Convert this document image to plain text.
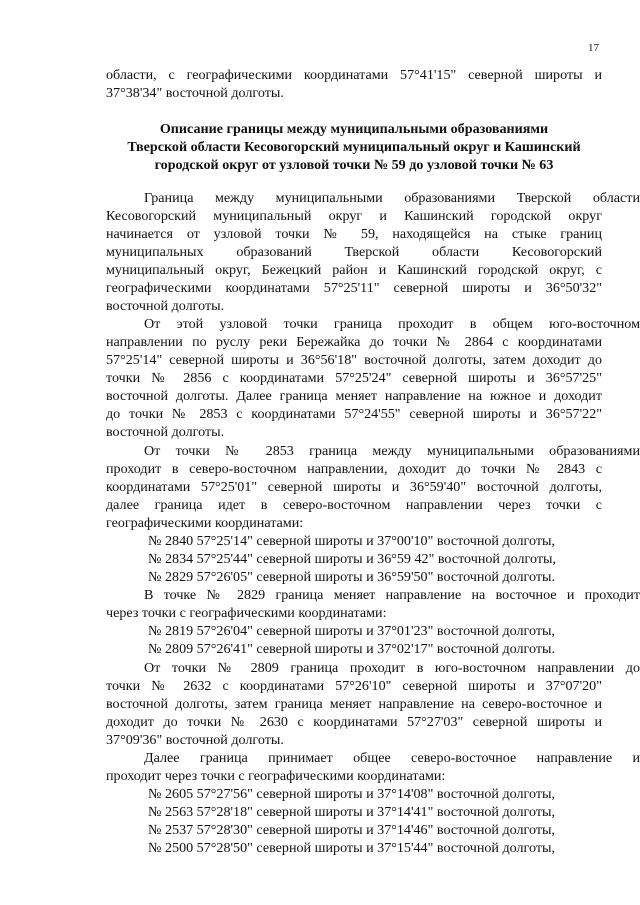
17
области, с географическими координатами 57°41'15" северной широты и
37°38'34" восточной долготы.
Описание границы между муниципальными образованиями
Тверской области Кесовогорский муниципальный округ и Кашинский
городской округ от узловой точки № 59 до узловой точки № 63
Граница между муниципальными образованиями Тверской области
Кесовогорский муниципальный округ и Кашинский городской округ
начинается от узловой точки № 59, находящейся на стыке границ
муниципальных образований Тверской области Кесовогорский
муниципальный округ, Бежецкий район и Кашинский городской округ, с
географическими координатами 57°25'11" северной широты и 36°50'32"
восточной долготы.
От этой узловой точки граница проходит в общем юго-восточном
направлении по руслу реки Бережайка до точки № 2864 с координатами
57°25'14" северной широты и 36°56'18" восточной долготы, затем доходит до
точки № 2856 с координатами 57°25'24" северной широты и 36°57'25"
восточной долготы. Далее граница меняет направление на южное и доходит
до точки № 2853 с координатами 57°24'55" северной широты и 36°57'22"
восточной долготы.
От точки № 2853 граница между муниципальными образованиями
проходит в северо-восточном направлении, доходит до точки № 2843 с
координатами 57°25'01" северной широты и 36°59'40" восточной долготы,
далее граница идет в северо-восточном направлении через точки с
географическими координатами:
№ 2840 57°25'14" северной широты и 37°00'10" восточной долготы,
№ 2834 57°25'44" северной широты и 36°59 42" восточной долготы,
№ 2829 57°26'05" северной широты и 36°59'50" восточной долготы.
В точке № 2829 граница меняет направление на восточное и проходит
через точки с географическими координатами:
№ 2819 57°26'04" северной широты и 37°01'23" восточной долготы,
№ 2809 57°26'41" северной широты и 37°02'17" восточной долготы.
От точки № 2809 граница проходит в юго-восточном направлении до
точки № 2632 с координатами 57°26'10" северной широты и 37°07'20"
восточной долготы, затем граница меняет направление на северо-восточное и
доходит до точки № 2630 с координатами 57°27'03" северной широты и
37°09'36" восточной долготы.
Далее граница принимает общее северо-восточное направление и
проходит через точки с географическими координатами:
№ 2605 57°27'56" северной широты и 37°14'08" восточной долготы,
№ 2563 57°28'18" северной широты и 37°14'41" восточной долготы,
№ 2537 57°28'30" северной широты и 37°14'46" восточной долготы,
№ 2500 57°28'50" северной широты и 37°15'44" восточной долготы,
